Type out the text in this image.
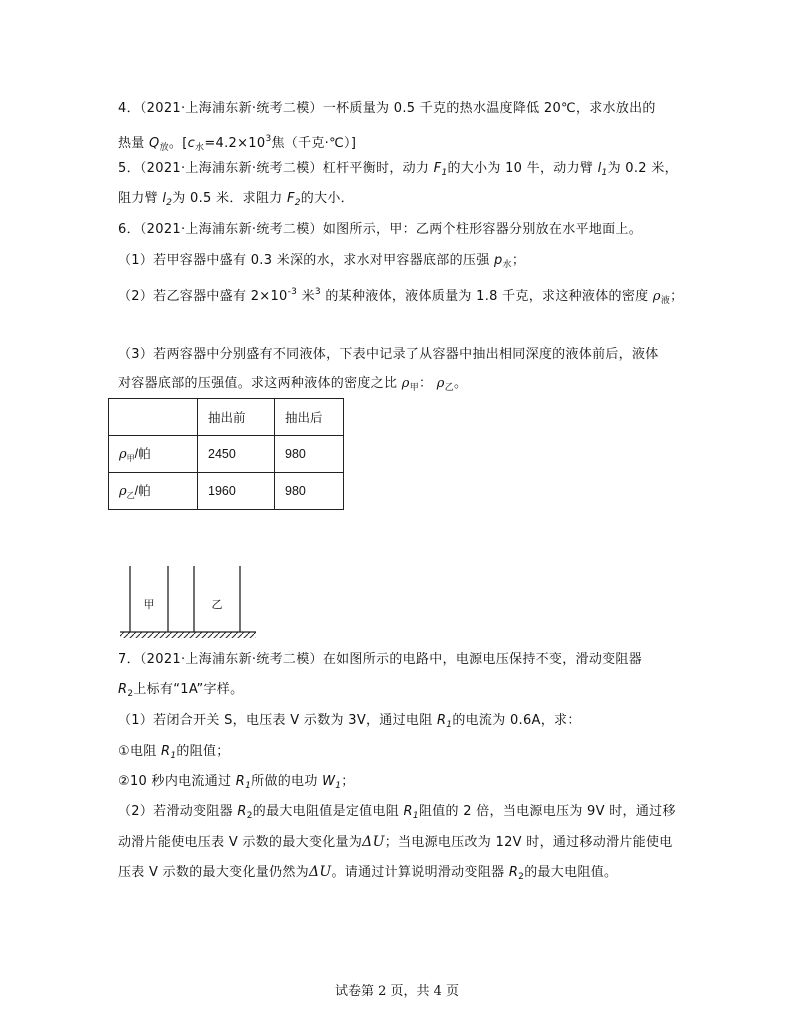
4．（2021·上海浦东新·统考二模）一杯质量为 0.5 千克的热水温度降低 20℃，求水放出的
热量 $Q_放$。[$c_水=4.2\times 10^3$焦（千克·℃）]
5．（2021·上海浦东新·统考二模）杠杆平衡时，动力 $F_1$的大小为 10 牛，动力臂 $l_1$为 0.2 米，
阻力臂 $l_2$为 0.5 米．求阻力 $F_2$的大小．
6．（2021·上海浦东新·统考二模）如图所示，甲：乙两个柱形容器分别放在水平地面上。
（1）若甲容器中盛有 0.3 米深的水，求水对甲容器底部的压强 $p_水$；
（2）若乙容器中盛有 $2\times 10^{-3}$ 米$^3$ 的某种液体，液体质量为 1.8 千克，求这种液体的密度 $\rho_液$；
（3）若两容器中分别盛有不同液体，下表中记录了从容器中抽出相同深度的液体前后，液体
对容器底部的压强值。求这两种液体的密度之比 $\rho_甲$： $\rho_乙$。
	抽出前	抽出后
$\rho_甲/$帕	2450	980
$\rho_乙/$帕	1960	980
甲	乙
7．（2021·上海浦东新·统考二模）在如图所示的电路中，电源电压保持不变，滑动变阻器
$R_2$上标有“1A”字样。
（1）若闭合开关 S，电压表 V 示数为 3V，通过电阻 $R_1$的电流为 0.6A，求：
①电阻 $R_1$的阻值；
②10 秒内电流通过 $R_1$所做的电功 $W_1$；
（2）若滑动变阻器 $R_2$的最大电阻值是定值电阻 $R_1$阻值的 2 倍，当电源电压为 9V 时，通过移
动滑片能使电压表 V 示数的最大变化量为ΔU；当电源电压改为 12V 时，通过移动滑片能使电
压表 V 示数的最大变化量仍然为ΔU。请通过计算说明滑动变阻器 $R_2$的最大电阻值。
试卷第 2 页，共 4 页
